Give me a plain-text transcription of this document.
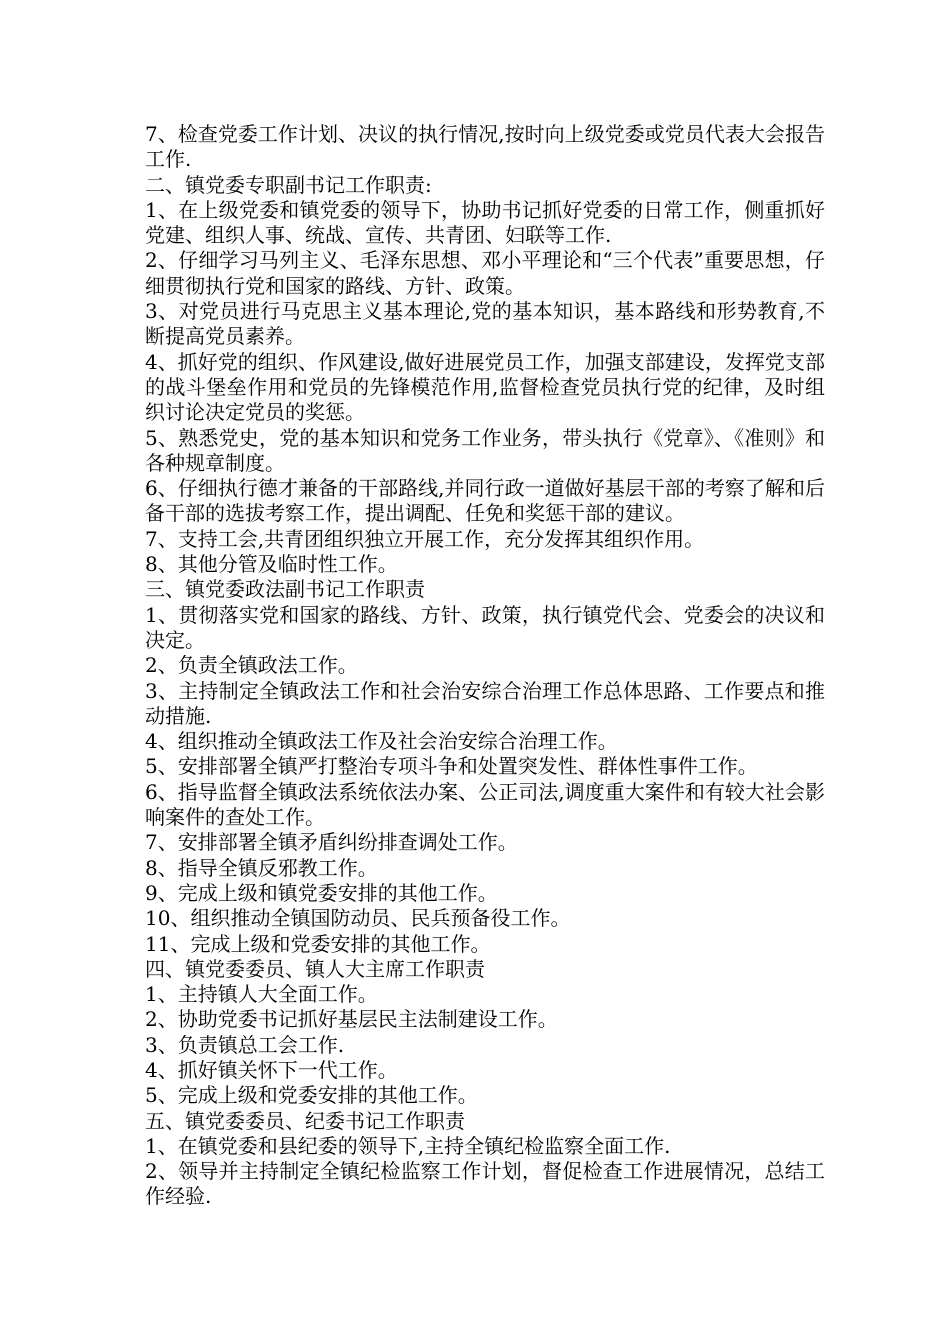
7、检查党委工作计划、决议的执行情况,按时向上级党委或党员代表大会报告工作.

二、镇党委专职副书记工作职责:

1、在上级党委和镇党委的领导下，协助书记抓好党委的日常工作，侧重抓好党建、组织人事、统战、宣传、共青团、妇联等工作.

2、仔细学习马列主义、毛泽东思想、邓小平理论和“三个代表”重要思想，仔细贯彻执行党和国家的路线、方针、政策。

3、对党员进行马克思主义基本理论,党的基本知识，基本路线和形势教育,不断提高党员素养。

4、抓好党的组织、作风建设,做好进展党员工作，加强支部建设，发挥党支部的战斗堡垒作用和党员的先锋模范作用,监督检查党员执行党的纪律，及时组织讨论决定党员的奖惩。

5、熟悉党史，党的基本知识和党务工作业务，带头执行《党章》、《准则》和各种规章制度。

6、仔细执行德才兼备的干部路线,并同行政一道做好基层干部的考察了解和后备干部的选拔考察工作，提出调配、任免和奖惩干部的建议。

7、支持工会,共青团组织独立开展工作，充分发挥其组织作用。

8、其他分管及临时性工作。

三、镇党委政法副书记工作职责

1、贯彻落实党和国家的路线、方针、政策，执行镇党代会、党委会的决议和决定。

2、负责全镇政法工作。

3、主持制定全镇政法工作和社会治安综合治理工作总体思路、工作要点和推动措施.

4、组织推动全镇政法工作及社会治安综合治理工作。

5、安排部署全镇严打整治专项斗争和处置突发性、群体性事件工作。

6、指导监督全镇政法系统依法办案、公正司法,调度重大案件和有较大社会影响案件的查处工作。

7、安排部署全镇矛盾纠纷排查调处工作。

8、指导全镇反邪教工作。

9、完成上级和镇党委安排的其他工作。

10、组织推动全镇国防动员、民兵预备役工作。

11、完成上级和党委安排的其他工作。

四、镇党委委员、镇人大主席工作职责

1、主持镇人大全面工作。

2、协助党委书记抓好基层民主法制建设工作。

3、负责镇总工会工作.

4、抓好镇关怀下一代工作。

5、完成上级和党委安排的其他工作。

五、镇党委委员、纪委书记工作职责

1、在镇党委和县纪委的领导下,主持全镇纪检监察全面工作.

2、领导并主持制定全镇纪检监察工作计划，督促检查工作进展情况，总结工作经验.
